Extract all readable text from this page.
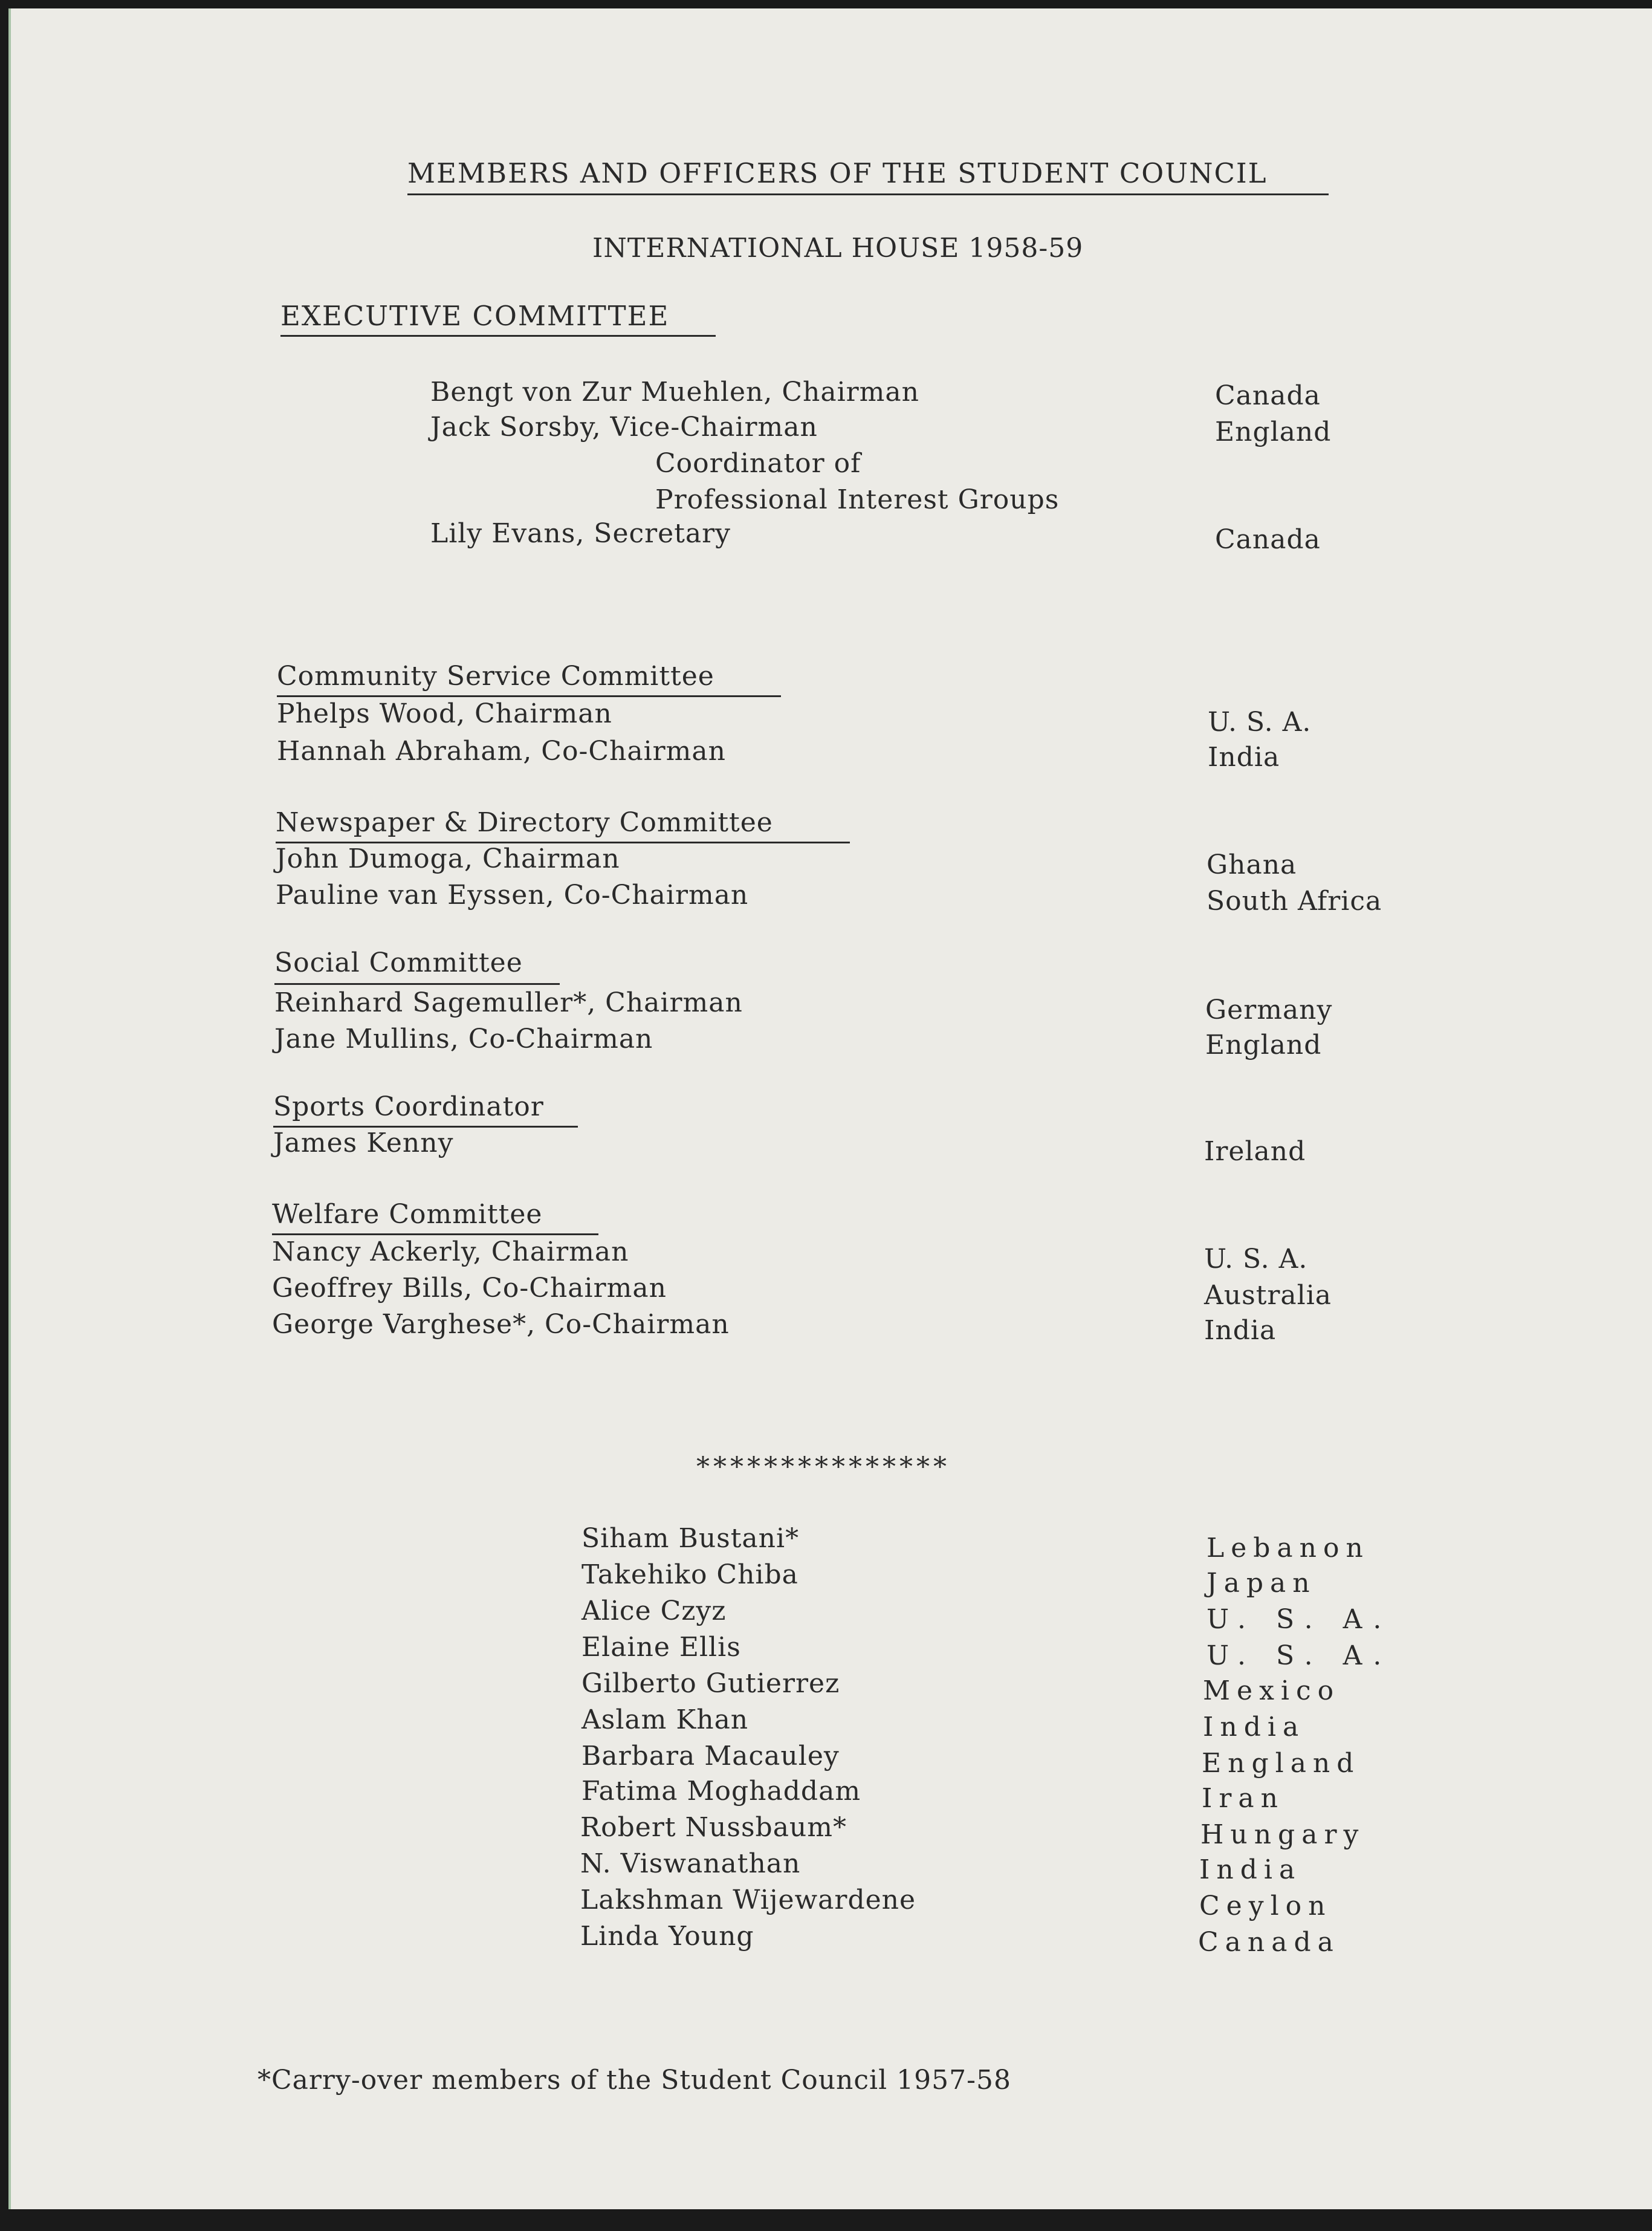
MEMBERS AND OFFICERS OF THE STUDENT COUNCIL
INTERNATIONAL HOUSE 1958-59
EXECUTIVE COMMITTEE
Bengt von Zur Muehlen, Chairman	Canada
Jack Sorsby, Vice-Chairman	England
Coordinator of
Professional Interest Groups
Lily Evans, Secretary	Canada
Community Service Committee
Phelps Wood, Chairman	U. S. A.
Hannah Abraham, Co-Chairman	India
Newspaper & Directory Committee
John Dumoga, Chairman	Ghana
Pauline van Eyssen, Co-Chairman	South Africa
Social Committee
Reinhard Sagemuller*, Chairman	Germany
Jane Mullins, Co-Chairman	England
Sports Coordinator
James Kenny	Ireland
Welfare Committee
Nancy Ackerly, Chairman	U. S. A.
Geoffrey Bills, Co-Chairman	Australia
George Varghese*, Co-Chairman	India
***************
Siham Bustani*	Lebanon
Takehiko Chiba	Japan
Alice Czyz	U. S. A.
Elaine Ellis	U. S. A.
Gilberto Gutierrez	Mexico
Aslam Khan	India
Barbara Macauley	England
Fatima Moghaddam	Iran
Robert Nussbaum*	Hungary
N. Viswanathan	India
Lakshman Wijewardene	Ceylon
Linda Young	Canada
*Carry-over members of the Student Council 1957-58
